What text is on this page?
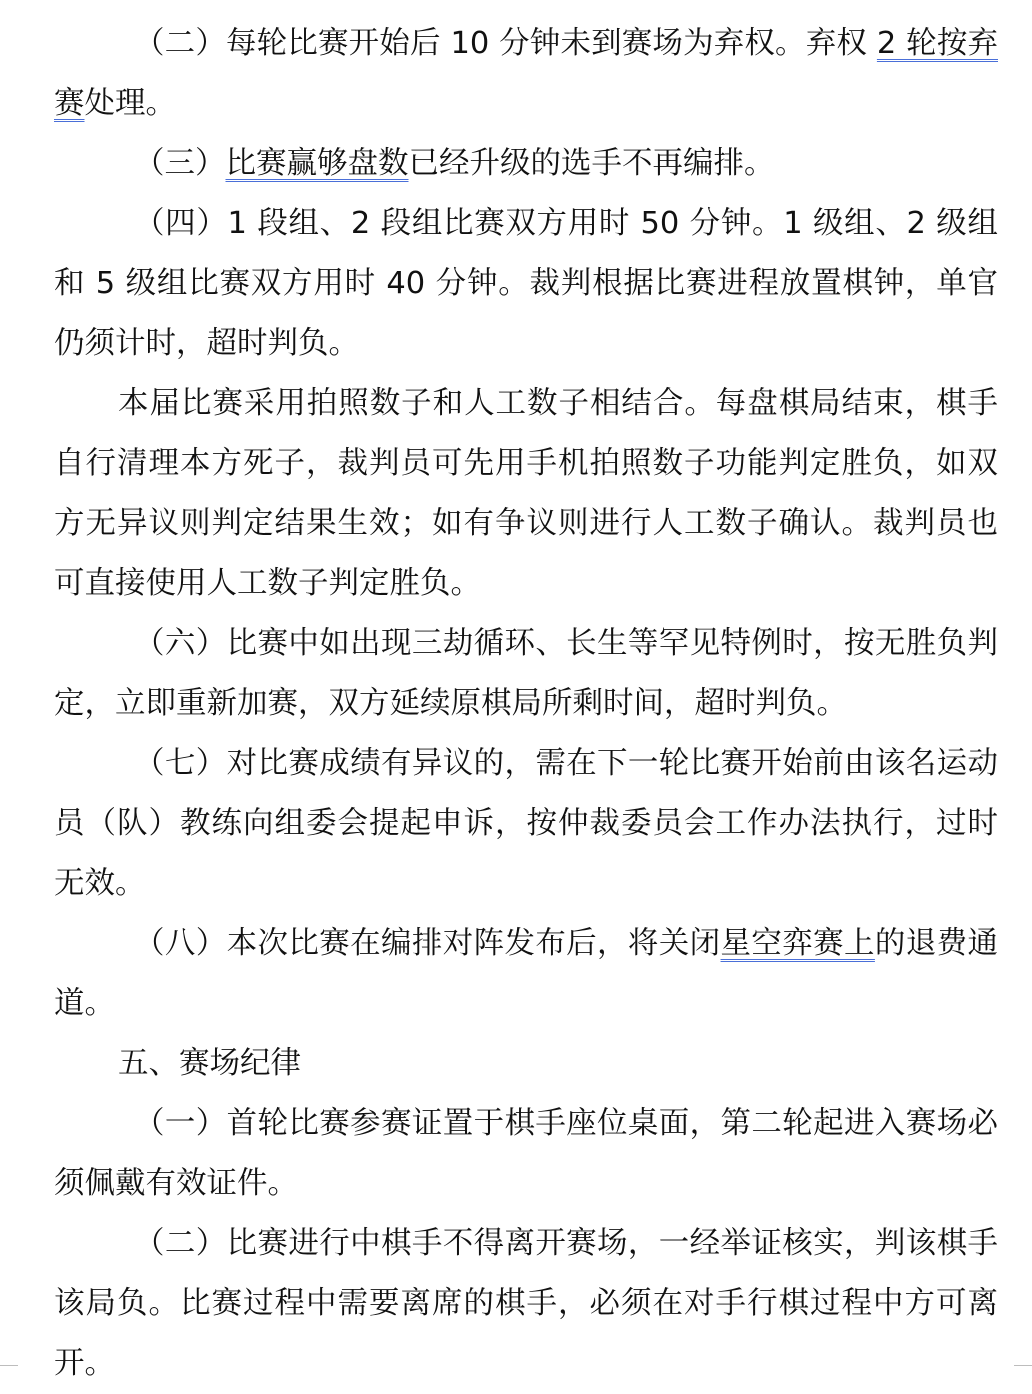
（二）每轮比赛开始后 10 分钟未到赛场为弃权。弃权 2 轮按弃赛处理。

（三）比赛赢够盘数已经升级的选手不再编排。

（四）1 段组、2 段组比赛双方用时 50 分钟。1 级组、2 级组和 5 级组比赛双方用时 40 分钟。裁判根据比赛进程放置棋钟，单官仍须计时，超时判负。

本届比赛采用拍照数子和人工数子相结合。每盘棋局结束，棋手自行清理本方死子，裁判员可先用手机拍照数子功能判定胜负，如双方无异议则判定结果生效；如有争议则进行人工数子确认。裁判员也可直接使用人工数子判定胜负。

（六）比赛中如出现三劫循环、长生等罕见特例时，按无胜负判定，立即重新加赛，双方延续原棋局所剩时间，超时判负。

（七）对比赛成绩有异议的，需在下一轮比赛开始前由该名运动员（队）教练向组委会提起申诉，按仲裁委员会工作办法执行，过时无效。

（八）本次比赛在编排对阵发布后，将关闭星空弈赛上的退费通道。

五、赛场纪律

（一）首轮比赛参赛证置于棋手座位桌面，第二轮起进入赛场必须佩戴有效证件。

（二）比赛进行中棋手不得离开赛场，一经举证核实，判该棋手该局负。比赛过程中需要离席的棋手，必须在对手行棋过程中方可离开。
